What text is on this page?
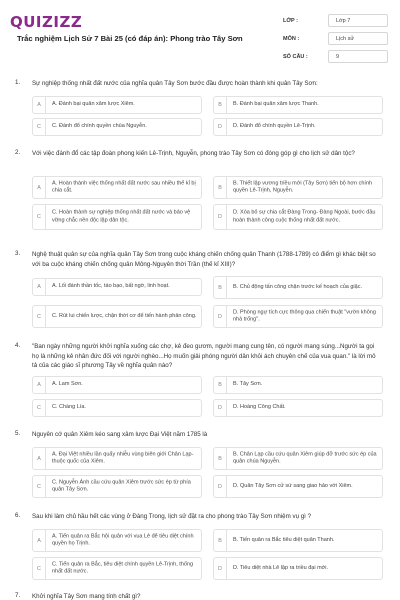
QUIZIZZ
Trắc nghiệm Lịch Sử 7 Bài 25 (có đáp án): Phong trào Tây Sơn
LỚP :	Lớp 7
MÔN :	Lịch sử
SỐ CÂU :	9
1. Sự nghiệp thống nhất đất nước của nghĩa quân Tây Sơn bước đầu được hoàn thành khi quân Tây Sơn:
A	A. Đánh bại quân xâm lược Xiêm.	B	B. Đánh bại quân xâm lược Thanh.
C	C. Đánh đổ chính quyền chúa Nguyễn.	D	D. Đánh đổ chính quyền Lê-Trịnh.
2. Với việc đánh đổ các tập đoàn phong kiến Lê-Trịnh, Nguyễn, phong trào Tây Sơn có đóng góp gì cho lịch sử dân tộc?
A
A. Hoàn thành việc thống nhất đất nước sau nhiều thế kỉ bị chia cắt.	B
B. Thiết lập vương triều mới (Tây Sơn) tiến bộ hơn chính quyền Lê-Trịnh, Nguyễn.
C
C. Hoàn thành sự nghiệp thống nhất đất nước và bảo vệ vững chắc nền độc lập dân tộc.	D
D. Xóa bỏ sự chia cắt Đàng Trong- Đàng Ngoài, bước đầu hoàn thành công cuộc thống nhất đất nước.
3. Nghệ thuật quân sự của nghĩa quân Tây Sơn trong cuộc kháng chiến chống quân Thanh (1788-1789) có điểm gì khác biệt so với ba cuộc kháng chiến chống quân Mông-Nguyên thời Trần (thế kỉ XIII)?
A	A. Lối đánh thần tốc, táo bạo, bất ngờ, linh hoạt.	B	B. Chủ động tấn công chặn trước kế hoạch của giặc.
C	C. Rút lui chiến lược, chặn thời cơ để tiến hành phản công.	D
D. Phòng ngự tích cực thông qua chiến thuật "vườn không nhà trống".
4. "Ban ngày những người khởi nghĩa xuống các chợ, kẻ đeo gươm, người mang cung tên, có người mang súng...Người ta gọi họ là những kẻ nhân đức đối với người nghèo...Họ muốn giải phóng người dân khỏi ách chuyên chế của vua quan." là lời mô tả của các giáo sĩ phương Tây về nghĩa quân nào?
A	A. Lam Sơn.	B	B. Tây Sơn.
C	C. Chàng Lía.	D	D. Hoàng Công Chất.
5. Nguyên cớ quân Xiêm kéo sang xâm lược Đại Việt năm 1785 là
A
A. Đại Việt nhiều lần quấy nhiễu vùng biên giới Chân Lạp-thuộc quốc của Xiêm.	B
B. Chân Lạp cầu cứu quân Xiêm giúp đỡ trước sức ép của quân chúa Nguyễn.
C
C. Nguyễn Ánh cầu cứu quân Xiêm trước sức ép từ phía quân Tây Sơn.	D	D. Quân Tây Sơn cử sứ sang giao hảo với Xiêm.
6. Sau khi làm chủ hầu hết các vùng ở Đàng Trong, lịch sử đặt ra cho phong trào Tây Sơn nhiệm vụ gì ?
A
A. Tiến quân ra Bắc hội quân với vua Lê để tiêu diệt chính quyền họ Trịnh.	B	B. Tiến quân ra Bắc tiêu diệt quân Thanh.
C
C. Tiến quân ra Bắc, tiêu diệt chính quyền Lê-Trịnh, thống nhất đất nước.	D	D. Tiêu diệt nhà Lê lập ra triều đại mới.
7. Khởi nghĩa Tây Sơn mang tính chất gì?
